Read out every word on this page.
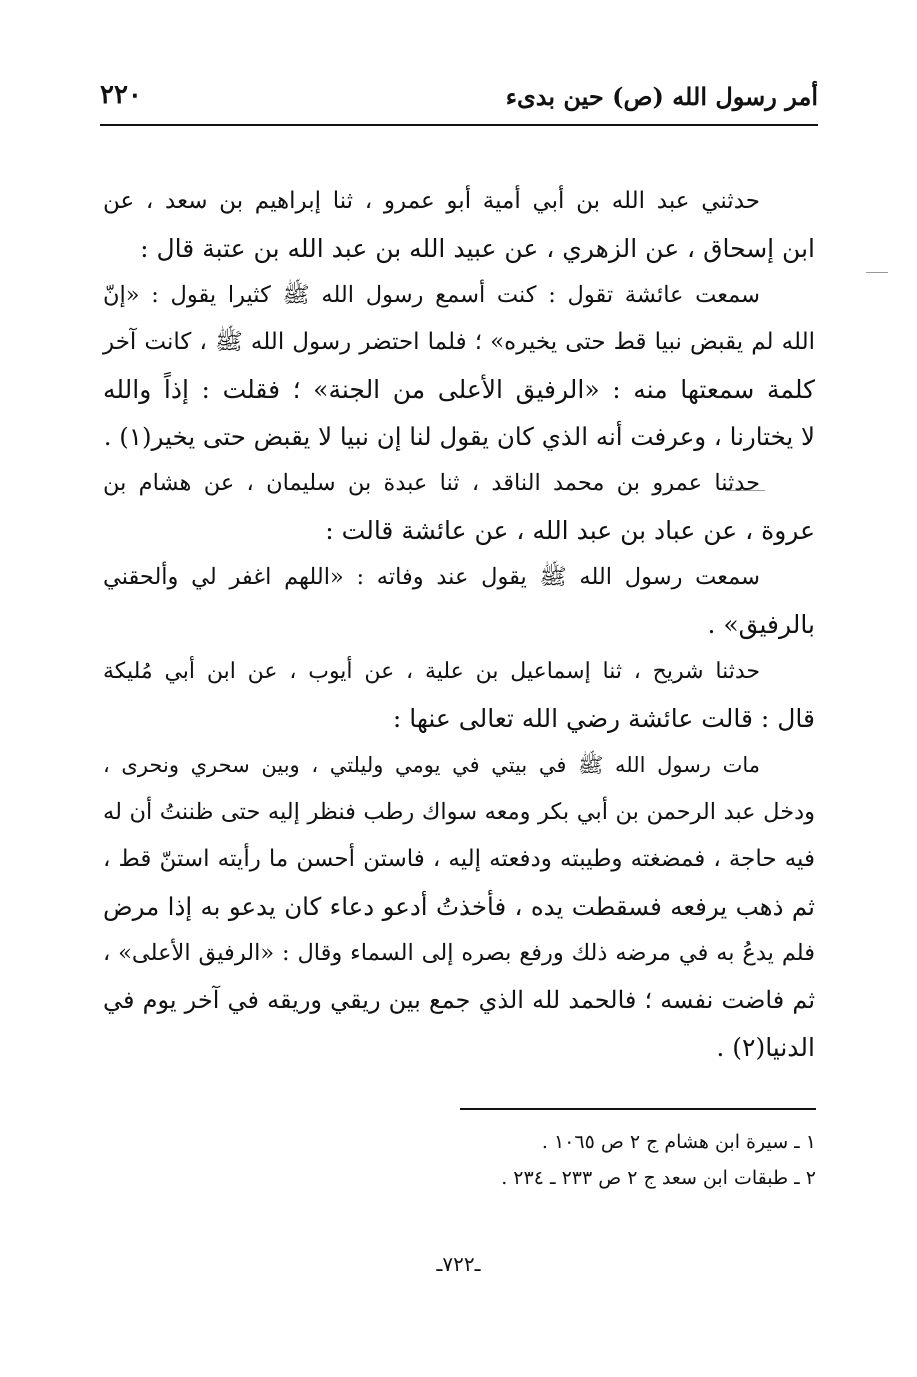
أمر رسول الله (ص) حين بدىء
٢٢٠
حدثني عبد الله بن أبي أمية أبو عمرو ، ثنا إبراهيم بن سعد ، عن
ابن إسحاق ، عن الزهري ، عن عبيد الله بن عبد الله بن عتبة قال :
سمعت عائشة تقول : كنت أسمع رسول الله ﷺ كثيرا يقول : «إنّ
الله لم يقبض نبيا قط حتى يخيره» ؛ فلما احتضر رسول الله ﷺ ، كانت آخر
كلمة سمعتها منه : «الرفيق الأعلى من الجنة» ؛ فقلت : إذاً والله
لا يختارنا ، وعرفت أنه الذي كان يقول لنا إن نبيا لا يقبض حتى يخير(١) .
حدثنا عمرو بن محمد الناقد ، ثنا عبدة بن سليمان ، عن هشام بن
عروة ، عن عباد بن عبد الله ، عن عائشة قالت :
سمعت رسول الله ﷺ يقول عند وفاته : «اللهم اغفر لي وألحقني
بالرفيق» .
حدثنا شريح ، ثنا إسماعيل بن علية ، عن أيوب ، عن ابن أبي مُليكة
قال : قالت عائشة رضي الله تعالى عنها :
مات رسول الله ﷺ في بيتي في يومي وليلتي ، وبين سحري ونحرى ،
ودخل عبد الرحمن بن أبي بكر ومعه سواك رطب فنظر إليه حتى ظننتُ أن له
فيه حاجة ، فمضغته وطيبته ودفعته إليه ، فاستن أحسن ما رأيته استنّ قط ،
ثم ذهب يرفعه فسقطت يده ، فأخذتُ أدعو دعاء كان يدعو به إذا مرض
فلم يدعُ به في مرضه ذلك ورفع بصره إلى السماء وقال : «الرفيق الأعلى» ،
ثم فاضت نفسه ؛ فالحمد لله الذي جمع بين ريقي وريقه في آخر يوم في
الدنيا(٢) .
١ ـ سيرة ابن هشام ج ٢ ص ١٠٦٥ .
٢ ـ طبقات ابن سعد ج ٢ ص ٢٣٣ ـ ٢٣٤ .
ـ٧٢٢ـ
